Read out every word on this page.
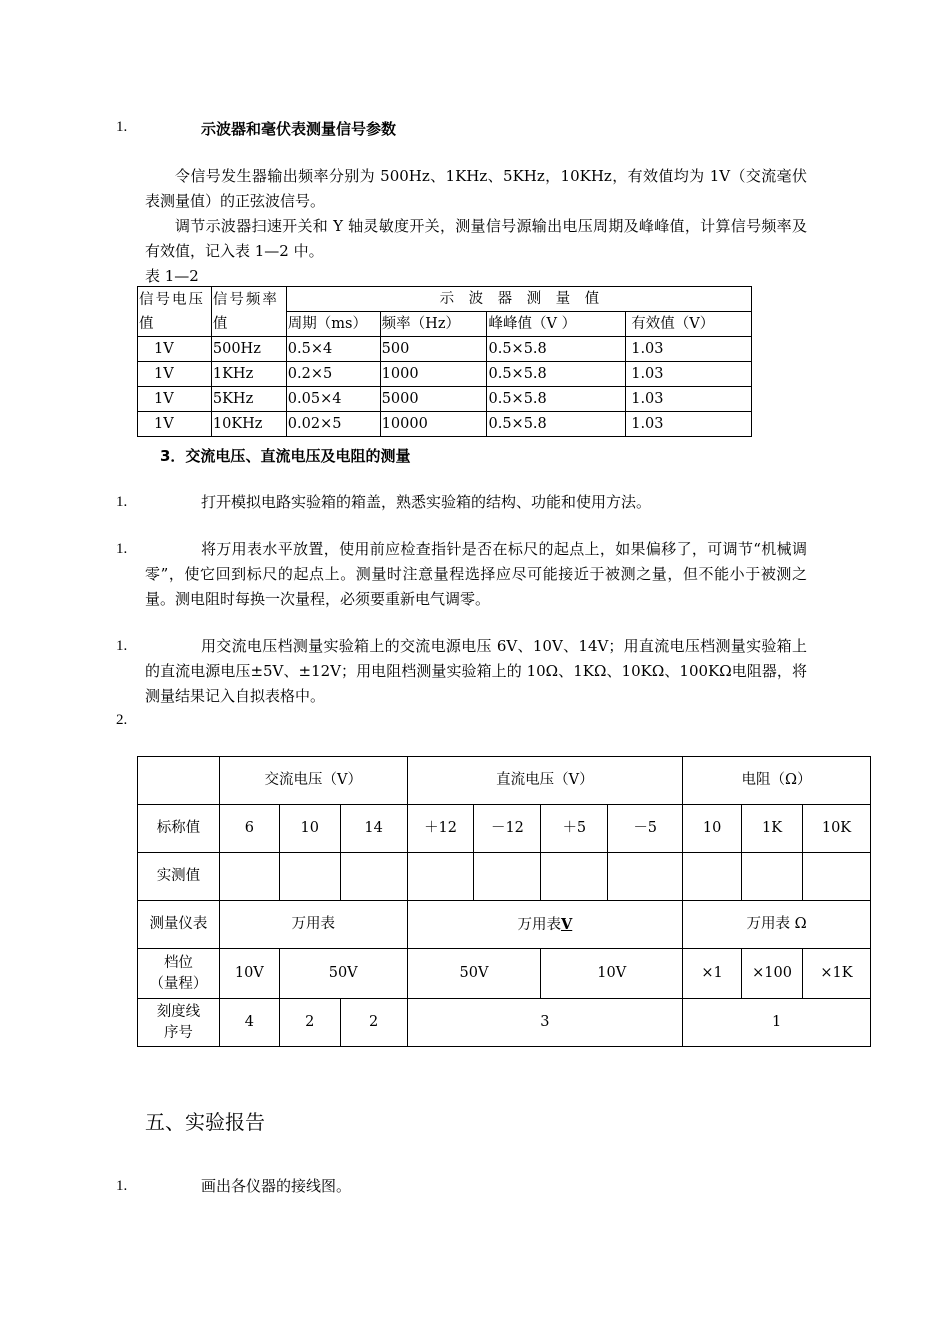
1.	示波器和毫伏表测量信号参数
令信号发生器输出频率分别为 500Hz、1KHz、5KHz，10KHz，有效值均为 1V（交流毫伏表测量值）的正弦波信号。
调节示波器扫速开关和 Y 轴灵敏度开关，测量信号源输出电压周期及峰峰值，计算信号频率及有效值，记入表 1—2 中。
表 1—2
信号电压值	信号频率值	示　波　器　测　量　值			
		周期（ms）	频率（Hz）	峰峰值（V ）	有效值（V）
1V	500Hz	0.5×4	500	0.5×5.8	1.03
1V	1KHz	0.2×5	1000	0.5×5.8	1.03
1V	5KHz	0.05×4	5000	0.5×5.8	1.03
1V	10KHz	0.02×5	10000	0.5×5.8	1.03
3．交流电压、直流电压及电阻的测量
1.	打开模拟电路实验箱的箱盖，熟悉实验箱的结构、功能和使用方法。
1.	将万用表水平放置，使用前应检查指针是否在标尺的起点上，如果偏移了，可调节“机械调零”，使它回到标尺的起点上。测量时注意量程选择应尽可能接近于被测之量，但不能小于被测之量。测电阻时每换一次量程，必须要重新电气调零。
1.	用交流电压档测量实验箱上的交流电源电压 6V、10V、14V；用直流电压档测量实验箱上的直流电源电压±5V、±12V；用电阻档测量实验箱上的 10Ω、1KΩ、10KΩ、100KΩ电阻器，将测量结果记入自拟表格中。
2.
	交流电压（V）			直流电压（V）				电阻（Ω）		
标称值	6	10	14	＋12	－12	＋5	－5	10	1K	10K
实测值										
测量仪表	万用表			万用表V				万用表 Ω		
档位
（量程）	10V	50V		50V		10V		×1	×100	×1K
刻度线
序号	4	2	2	3				1		
五、实验报告
1.	画出各仪器的接线图。
